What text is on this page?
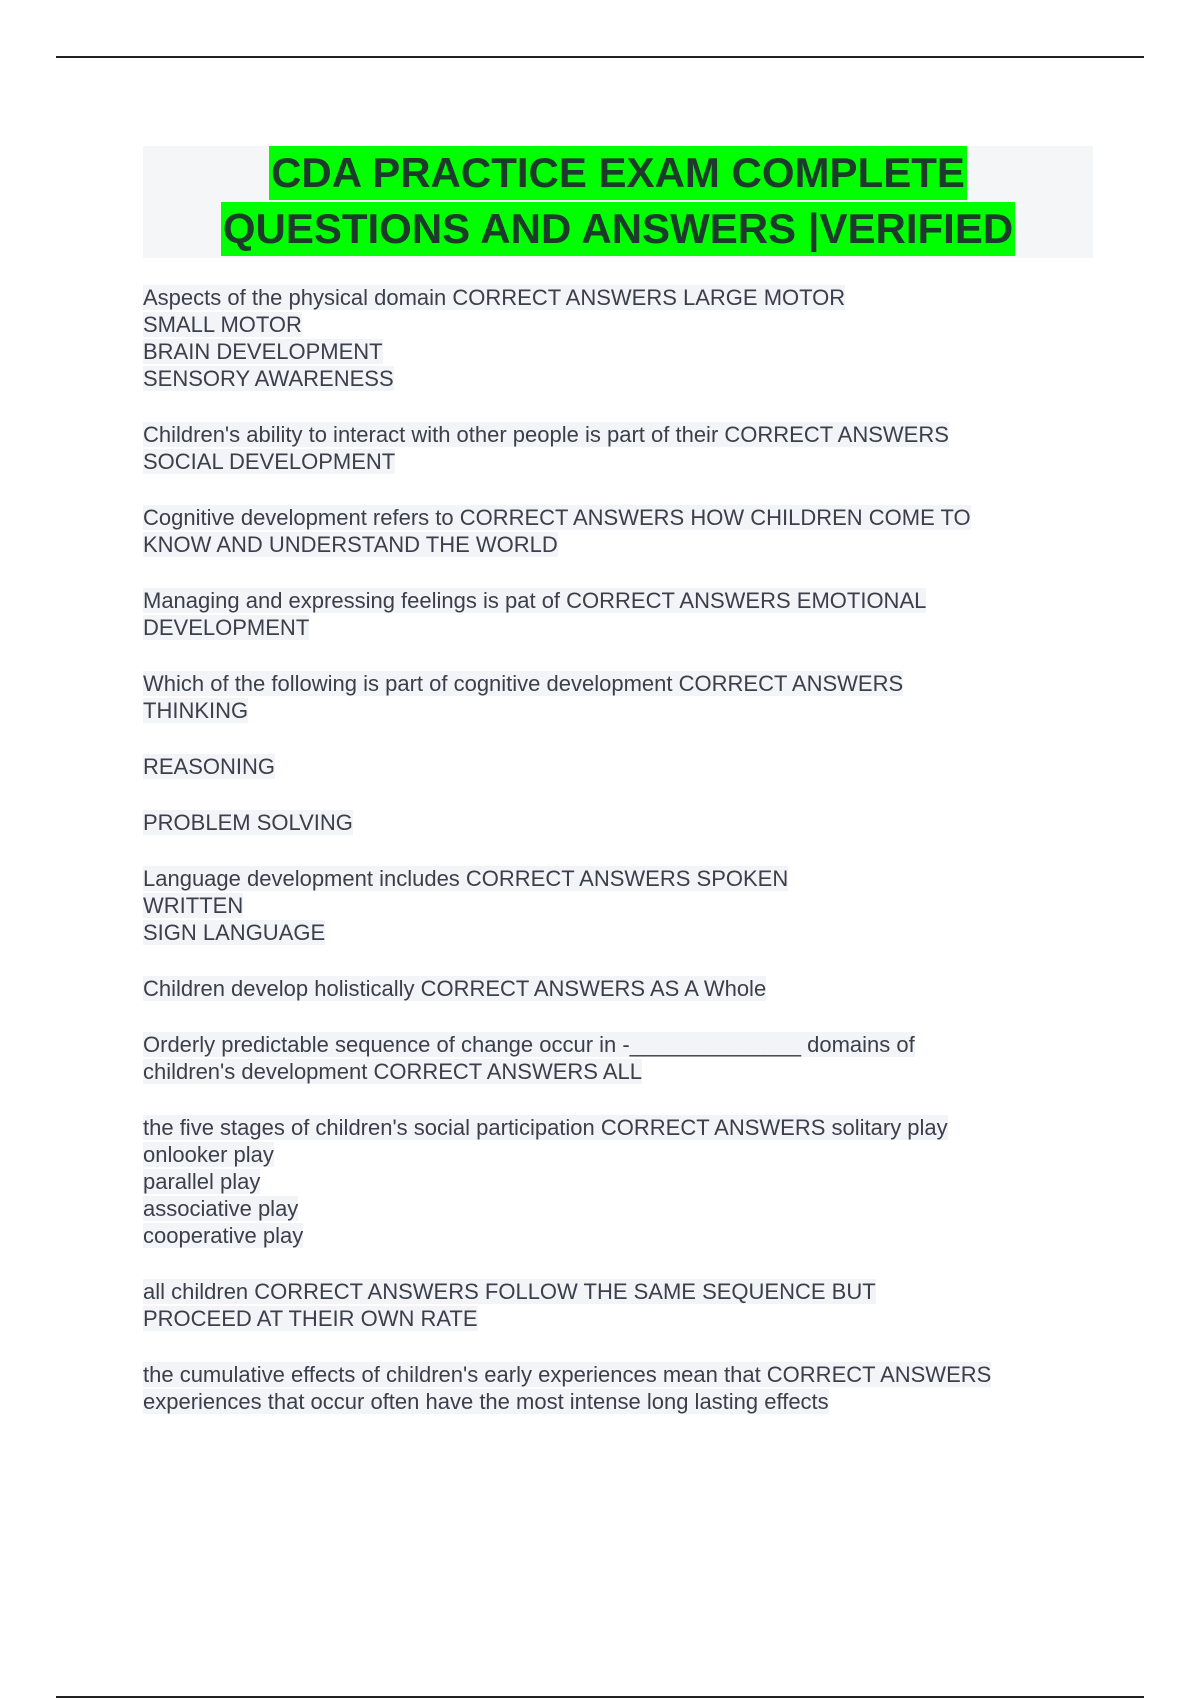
CDA PRACTICE EXAM COMPLETE
QUESTIONS AND ANSWERS |VERIFIED
Aspects of the physical domain CORRECT ANSWERS LARGE MOTOR
SMALL MOTOR
BRAIN DEVELOPMENT
SENSORY AWARENESS
Children's ability to interact with other people is part of their CORRECT ANSWERS
SOCIAL DEVELOPMENT
Cognitive development refers to CORRECT ANSWERS HOW CHILDREN COME TO
KNOW AND UNDERSTAND THE WORLD
Managing and expressing feelings is pat of CORRECT ANSWERS EMOTIONAL
DEVELOPMENT
Which of the following is part of cognitive development CORRECT ANSWERS
THINKING
REASONING
PROBLEM SOLVING
Language development includes CORRECT ANSWERS SPOKEN
WRITTEN
SIGN LANGUAGE
Children develop holistically CORRECT ANSWERS AS A Whole
Orderly predictable sequence of change occur in -______________ domains of
children's development CORRECT ANSWERS ALL
the five stages of children's social participation CORRECT ANSWERS solitary play
onlooker play
parallel play
associative play
cooperative play
all children CORRECT ANSWERS FOLLOW THE SAME SEQUENCE BUT
PROCEED AT THEIR OWN RATE
the cumulative effects of children's early experiences mean that CORRECT ANSWERS
experiences that occur often have the most intense long lasting effects
